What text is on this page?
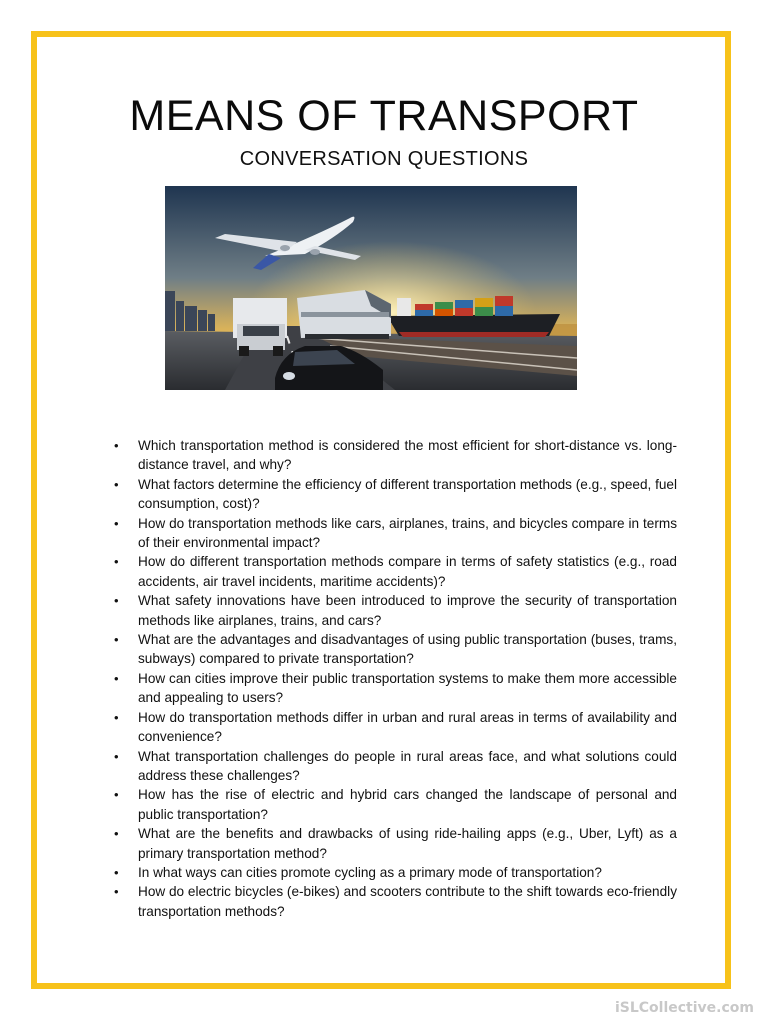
MEANS OF TRANSPORT
CONVERSATION QUESTIONS
• Which transportation method is considered the most efficient for short-distance vs. long-distance travel, and why?
• What factors determine the efficiency of different transportation methods (e.g., speed, fuel consumption, cost)?
• How do transportation methods like cars, airplanes, trains, and bicycles compare in terms of their environmental impact?
• How do different transportation methods compare in terms of safety statistics (e.g., road accidents, air travel incidents, maritime accidents)?
• What safety innovations have been introduced to improve the security of transportation methods like airplanes, trains, and cars?
• What are the advantages and disadvantages of using public transportation (buses, trams, subways) compared to private transportation?
• How can cities improve their public transportation systems to make them more accessible and appealing to users?
• How do transportation methods differ in urban and rural areas in terms of availability and convenience?
• What transportation challenges do people in rural areas face, and what solutions could address these challenges?
• How has the rise of electric and hybrid cars changed the landscape of personal and public transportation?
• What are the benefits and drawbacks of using ride-hailing apps (e.g., Uber, Lyft) as a primary transportation method?
• In what ways can cities promote cycling as a primary mode of transportation?
• How do electric bicycles (e-bikes) and scooters contribute to the shift towards eco-friendly transportation methods?
iSLCollective.com
